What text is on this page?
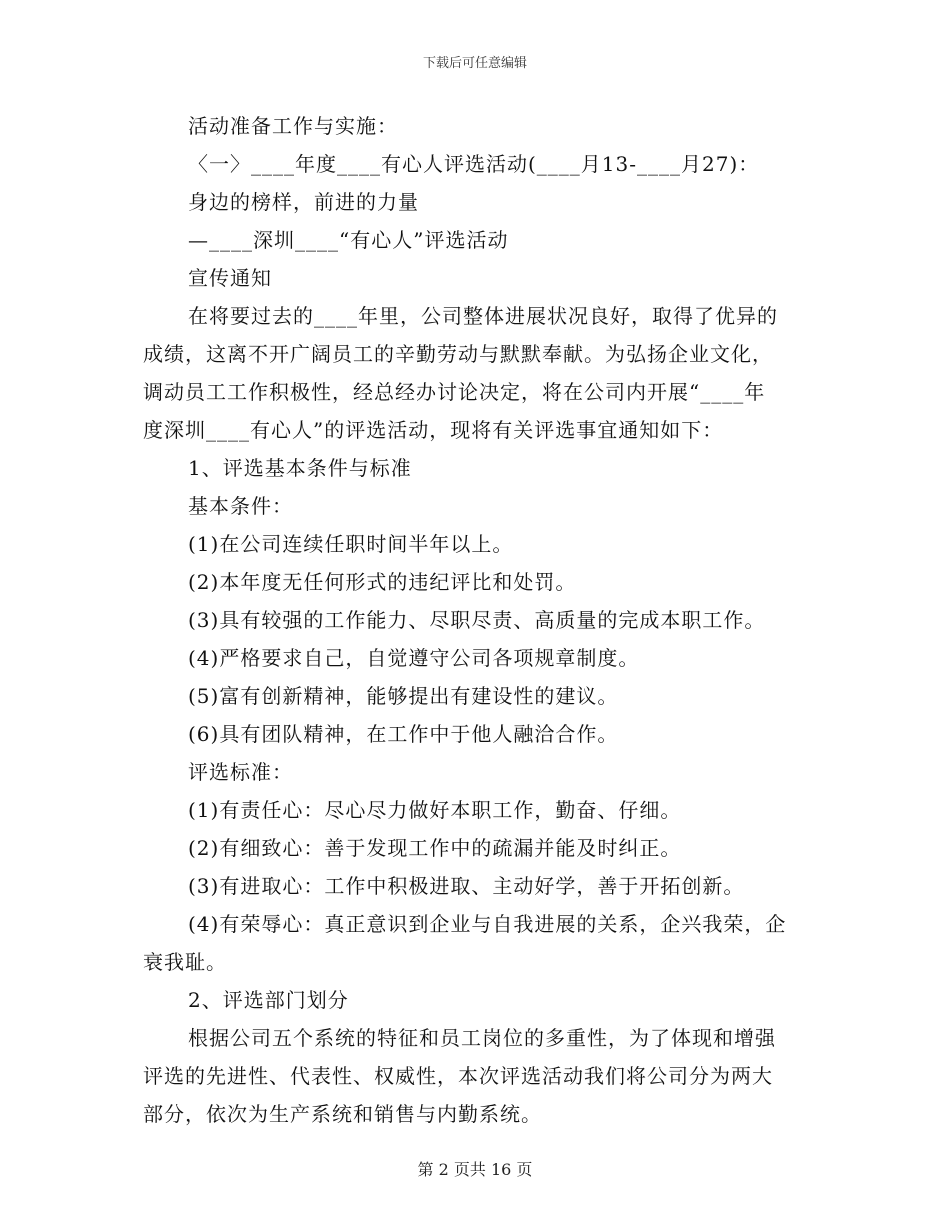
下载后可任意编辑
活动准备工作与实施：
〈一〉____年度____有心人评选活动(____月13-____月27)：
身边的榜样，前进的力量
—____深圳____“有心人”评选活动
宣传通知
在将要过去的____年里，公司整体进展状况良好，取得了优异的
成绩，这离不开广阔员工的辛勤劳动与默默奉献。为弘扬企业文化，
调动员工工作积极性，经总经办讨论决定，将在公司内开展“____年
度深圳____有心人”的评选活动，现将有关评选事宜通知如下：
1、评选基本条件与标准
基本条件：
(1)在公司连续任职时间半年以上。
(2)本年度无任何形式的违纪评比和处罚。
(3)具有较强的工作能力、尽职尽责、高质量的完成本职工作。
(4)严格要求自己，自觉遵守公司各项规章制度。
(5)富有创新精神，能够提出有建设性的建议。
(6)具有团队精神，在工作中于他人融洽合作。
评选标准：
(1)有责任心：尽心尽力做好本职工作，勤奋、仔细。
(2)有细致心：善于发现工作中的疏漏并能及时纠正。
(3)有进取心：工作中积极进取、主动好学，善于开拓创新。
(4)有荣辱心：真正意识到企业与自我进展的关系，企兴我荣，企
衰我耻。
2、评选部门划分
根据公司五个系统的特征和员工岗位的多重性，为了体现和增强
评选的先进性、代表性、权威性，本次评选活动我们将公司分为两大
部分，依次为生产系统和销售与内勤系统。
第 2 页共 16 页
